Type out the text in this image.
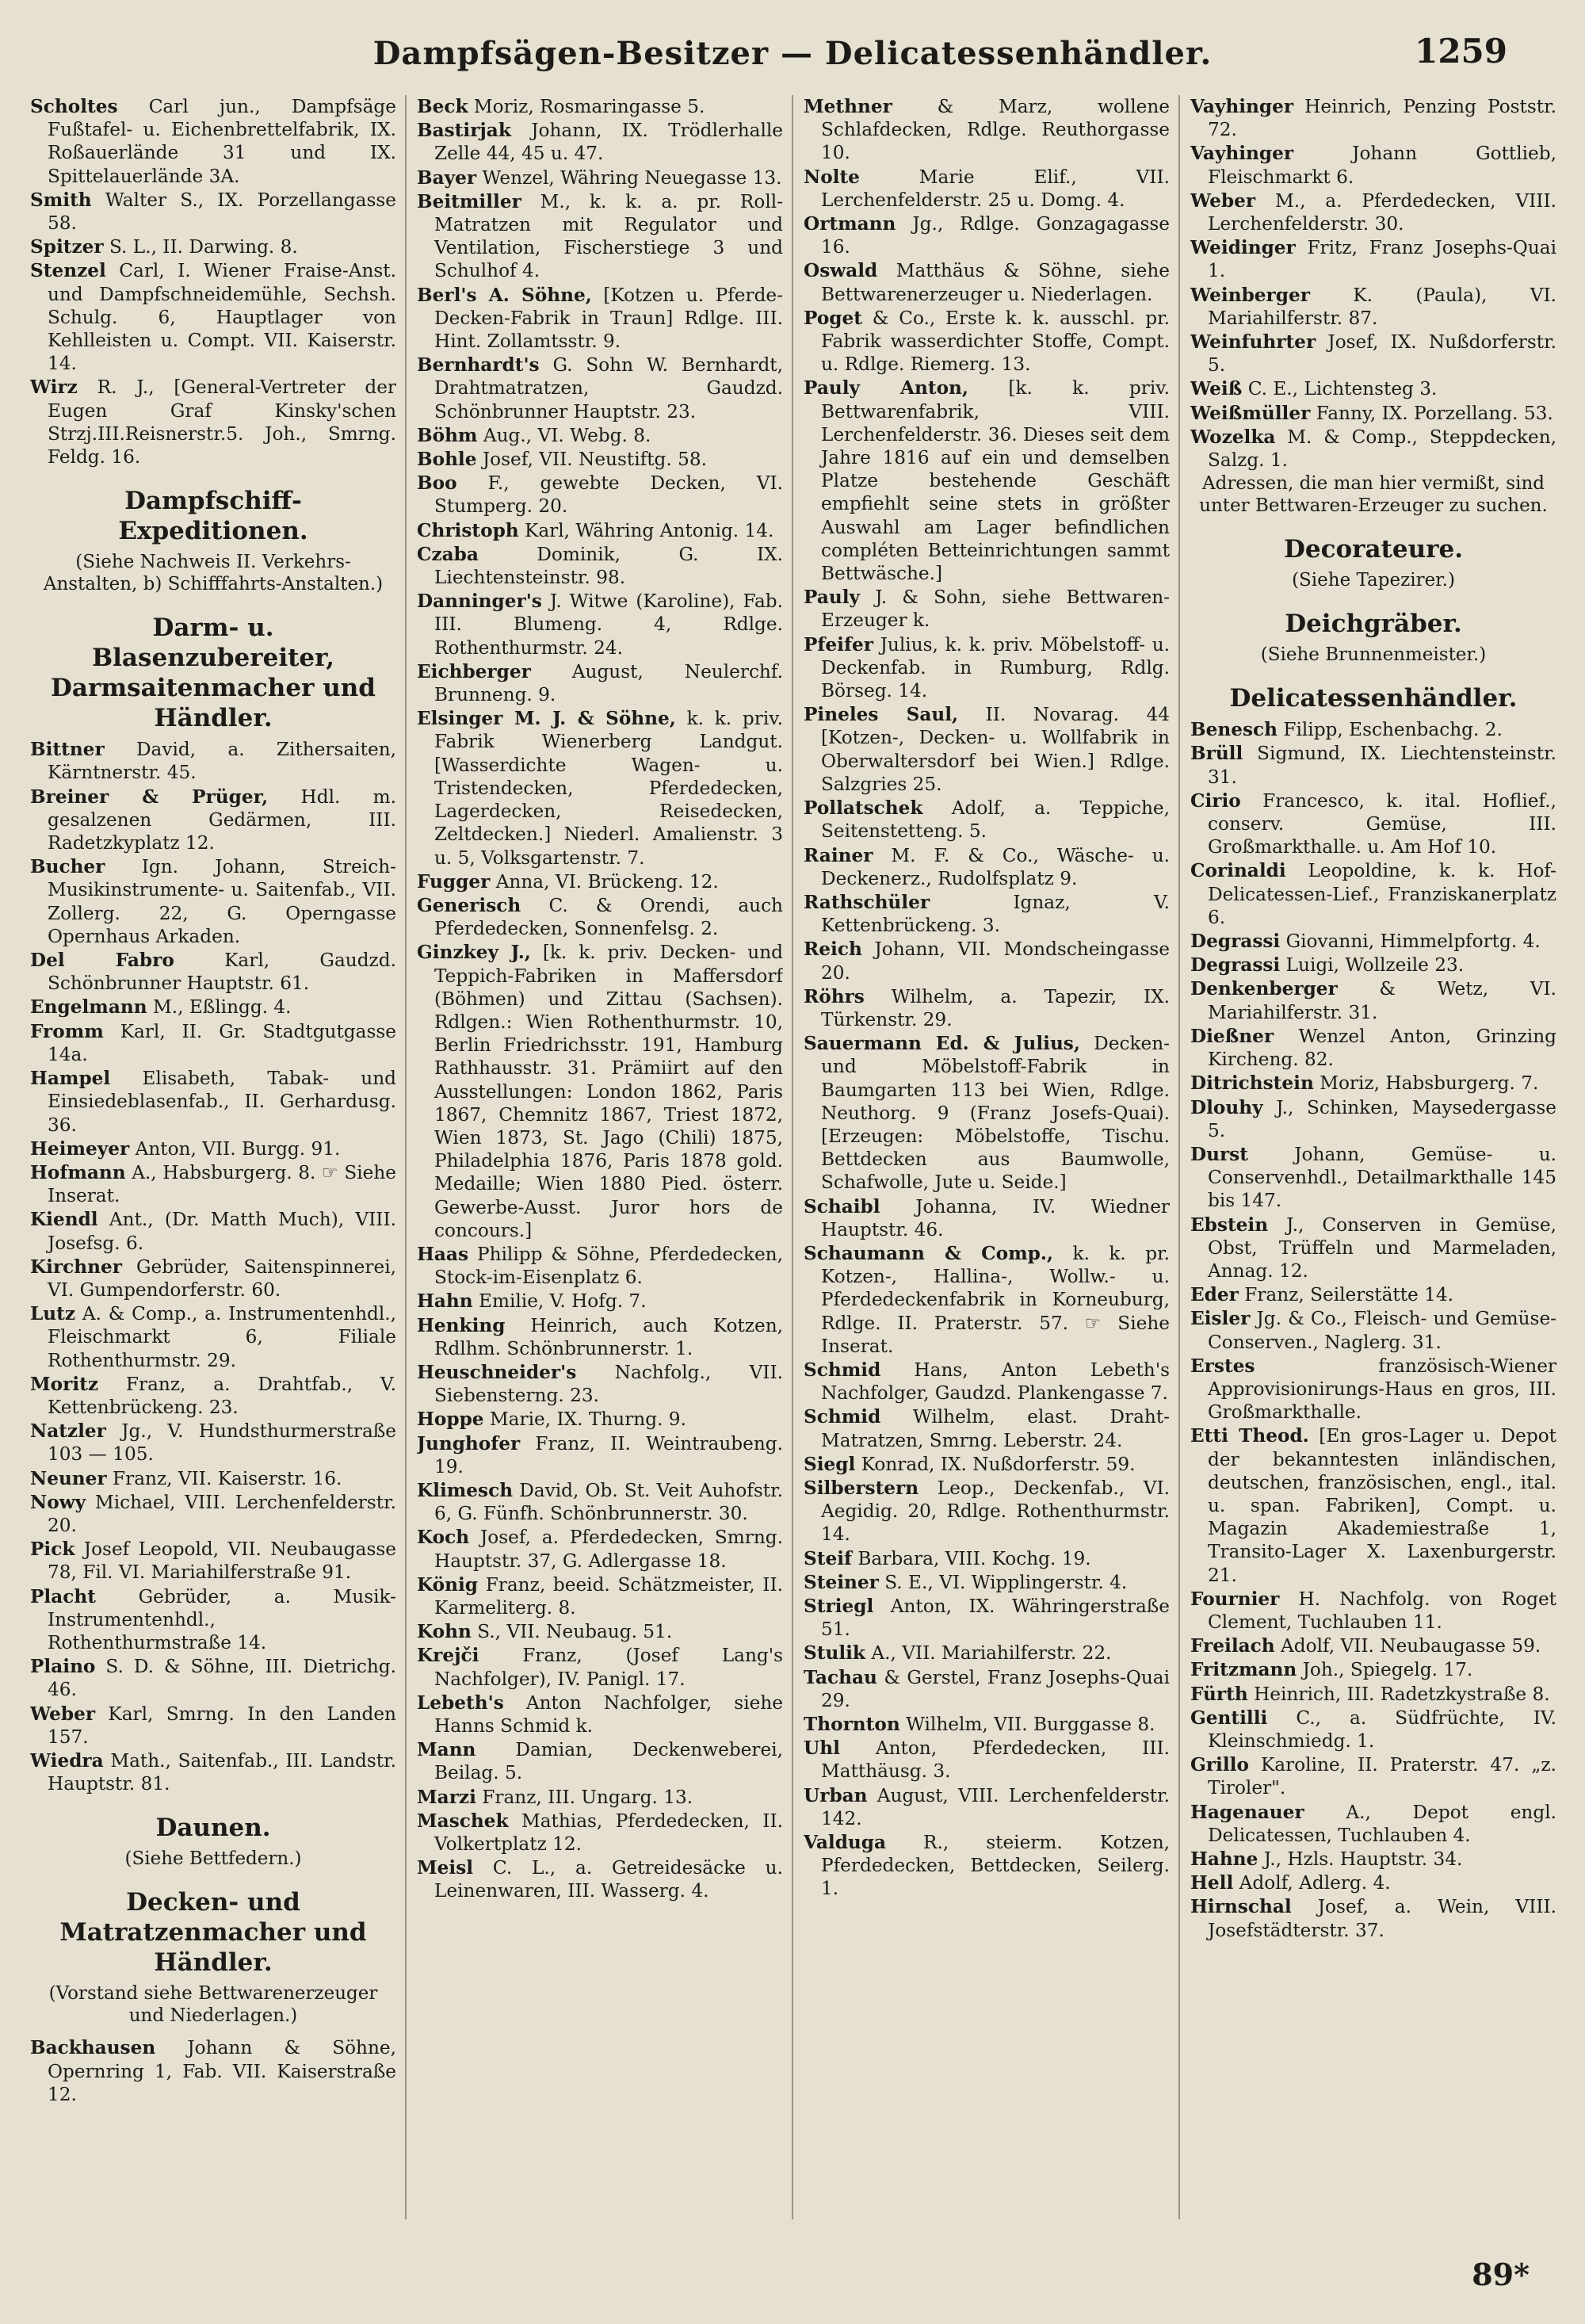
Dampfsägen-Besitzer — Delicatessenhändler.	1259
Scholtes Carl jun., Dampfsäge Fußtafel- u. Eichenbrettelfabrik, IX. Roßauerlände 31 und IX. Spittelauerlände 3A.
Smith Walter S., IX. Porzellangasse 58.
Spitzer S. L., II. Darwing. 8.
Stenzel Carl, I. Wiener Fraise-Anst. und Dampfschneidemühle, Sechsh. Schulg. 6, Hauptlager von Kehlleisten u. Compt. VII. Kaiserstr. 14.
Wirz R. J., [General-Vertreter der Eugen Graf Kinsky'schen Strzj.III.Reisnerstr.5. Joh., Smrng. Feldg. 16.
Dampfschiff-Expeditionen.
(Siehe Nachweis II. Verkehrs-Anstalten, b) Schifffahrts-Anstalten.)
Darm- u. Blasenzubereiter, Darmsaitenmacher und Händler.
Bittner David, a. Zithersaiten, Kärntnerstr. 45.
Breiner & Prüger, Hdl. m. gesalzenen Gedärmen, III. Radetzkyplatz 12.
Bucher Ign. Johann, Streich-Musikinstrumente- u. Saitenfab., VII. Zollerg. 22, G. Operngasse Opernhaus Arkaden.
Del Fabro	Karl, Gaudzd. Schönbrunner Hauptstr. 61.
Engelmann M., Eßlingg. 4.
Fromm Karl, II. Gr. Stadtgutgasse 14a.
Hampel Elisabeth, Tabak- und Einsiedeblasenfab., II. Gerhardusg. 36.
Heimeyer Anton, VII. Burgg. 91.
Hofmann A., Habsburgerg. 8. ☞ Siehe Inserat.
Kiendl Ant., (Dr. Matth Much), VIII. Josefsg. 6.
Kirchner Gebrüder, Saitenspinnerei, VI. Gumpendorferstr. 60.
Lutz A. & Comp., a. Instrumentenhdl., Fleischmarkt 6, Filiale Rothenthurmstr. 29.
Moritz Franz, a. Drahtfab., V. Kettenbrückeng. 23.
Natzler Jg., V. Hundsthurmerstraße 103 — 105.
Neuner Franz, VII. Kaiserstr. 16.
Nowy Michael, VIII. Lerchenfelderstr. 20.
Pick Josef Leopold, VII. Neubaugasse 78, Fil. VI. Mariahilferstraße 91.
Placht Gebrüder, a. Musik-Instrumentenhdl., Rothenthurmstraße 14.
Plaino S. D. & Söhne, III. Dietrichg. 46.
Weber Karl, Smrng. In den Landen 157.
Wiedra Math., Saitenfab., III. Landstr. Hauptstr. 81.
Daunen.
(Siehe Bettfedern.)
Decken- und Matratzenmacher und Händler.
(Vorstand siehe Bettwarenerzeuger und Niederlagen.)
Backhausen Johann & Söhne, Opernring 1, Fab. VII. Kaiserstraße 12.
Beck Moriz, Rosmaringasse 5.
Bastirjak Johann, IX. Trödlerhalle Zelle 44, 45 u. 47.
Bayer Wenzel, Währing Neuegasse 13.
Beitmiller M., k. k. a. pr. Roll-Matratzen mit Regulator und Ventilation, Fischerstiege 3 und Schulhof 4.
Berl's A. Söhne, [Kotzen u. Pferde-Decken-Fabrik in Traun] Rdlge. III. Hint. Zollamtsstr. 9.
Bernhardt's G. Sohn W. Bernhardt, Drahtmatratzen, Gaudzd. Schönbrunner Hauptstr. 23.
Böhm Aug., VI. Webg. 8.
Bohle Josef, VII. Neustiftg. 58.
Boo F., gewebte Decken, VI. Stumperg. 20.
Christoph Karl, Währing Antonig. 14.
Czaba	Dominik, G. IX. Liechtensteinstr. 98.
Danninger's J. Witwe (Karoline), Fab. III. Blumeng. 4, Rdlge. Rothenthurmstr. 24.
Eichberger August, Neulerchf. Brunneng. 9.
Elsinger M. J. & Söhne, k. k. priv. Fabrik Wienerberg Landgut. [Wasserdichte Wagen- u. Tristendecken, Pferdedecken, Lagerdecken, Reisedecken, Zeltdecken.] Niederl. Amalienstr. 3 u. 5, Volksgartenstr. 7.
Fugger Anna, VI. Brückeng. 12.
Generisch C. & Orendi, auch Pferdedecken, Sonnenfelsg. 2.
Ginzkey J., [k. k. priv. Decken- und Teppich-Fabriken in Maffersdorf (Böhmen) und Zittau (Sachsen). Rdlgen.: Wien Rothenthurmstr. 10, Berlin Friedrichsstr. 191, Hamburg Rathhausstr. 31. Prämiirt auf den Ausstellungen: London 1862, Paris 1867, Chemnitz 1867, Triest 1872, Wien 1873, St. Jago (Chili) 1875, Philadelphia 1876, Paris 1878 gold. Medaille; Wien 1880 Pied. österr. Gewerbe-Ausst. Juror hors de concours.]
Haas Philipp & Söhne, Pferdedecken, Stock-im-Eisenplatz 6.
Hahn Emilie, V. Hofg. 7.
Henking Heinrich, auch Kotzen, Rdlhm. Schönbrunnerstr. 1.
Heuschneider's Nachfolg., VII. Siebensterng. 23.
Hoppe Marie, IX. Thurng. 9.
Junghofer Franz, II. Weintraubeng. 19.
Klimesch David, Ob. St. Veit Auhofstr. 6, G. Fünfh. Schönbrunnerstr. 30.
Koch Josef, a. Pferdedecken, Smrng. Hauptstr. 37, G. Adlergasse 18.
König Franz, beeid. Schätzmeister, II. Karmeliterg. 8.
Kohn S., VII. Neubaug. 51.
Krejči Franz, (Josef Lang's Nachfolger), IV. Panigl. 17.
Lebeth's Anton Nachfolger, siehe Hanns Schmid k.
Mann Damian, Deckenweberei, Beilag. 5.
Marzi Franz, III. Ungarg. 13.
Maschek Mathias, Pferdedecken, II. Volkertplatz 12.
Meisl C. L., a. Getreidesäcke u. Leinenwaren, III. Wasserg. 4.
Methner & Marz, wollene Schlafdecken, Rdlge. Reuthorgasse 10.
Nolte	Marie Elif., VII. Lerchenfelderstr. 25 u. Domg. 4.
Ortmann Jg., Rdlge. Gonzagagasse 16.
Oswald Matthäus & Söhne, siehe Bettwarenerzeuger u. Niederlagen.
Poget & Co., Erste k. k. ausschl. pr. Fabrik wasserdichter Stoffe, Compt. u. Rdlge. Riemerg. 13.
Pauly Anton, [k. k. priv. Bettwarenfabrik, VIII. Lerchenfelderstr. 36. Dieses seit dem Jahre 1816 auf ein und demselben Platze bestehende Geschäft empfiehlt seine stets in größter Auswahl am Lager befindlichen compléten Betteinrichtungen sammt Bettwäsche.]
Pauly J. & Sohn, siehe Bettwaren-Erzeuger k.
Pfeifer Julius, k. k. priv. Möbelstoff- u. Deckenfab. in Rumburg, Rdlg. Börseg. 14.
Pineles Saul, II. Novarag. 44 [Kotzen-, Decken- u. Wollfabrik in Oberwaltersdorf bei Wien.] Rdlge. Salzgries 25.
Pollatschek Adolf, a. Teppiche, Seitenstetteng. 5.
Rainer M. F. & Co., Wäsche- u. Deckenerz., Rudolfsplatz 9.
Rathschüler	Ignaz, V. Kettenbrückeng. 3.
Reich Johann, VII. Mondscheingasse 20.
Röhrs Wilhelm, a. Tapezir, IX. Türkenstr. 29.
Sauermann Ed. & Julius, Decken- und Möbelstoff-Fabrik in Baumgarten 113 bei Wien, Rdlge. Neuthorg. 9 (Franz Josefs-Quai). [Erzeugen: Möbelstoffe, Tischu. Bettdecken aus Baumwolle, Schafwolle, Jute u. Seide.]
Schaibl Johanna, IV. Wiedner Hauptstr. 46.
Schaumann & Comp., k. k. pr. Kotzen-, Hallina-, Wollw.- u. Pferdedeckenfabrik in Korneuburg, Rdlge. II. Praterstr. 57. ☞ Siehe Inserat.
Schmid Hans, Anton Lebeth's Nachfolger, Gaudzd. Plankengasse 7.
Schmid Wilhelm, elast. Draht-Matratzen, Smrng. Leberstr. 24.
Siegl Konrad, IX. Nußdorferstr. 59.
Silberstern Leop., Deckenfab., VI. Aegidig. 20, Rdlge. Rothenthurmstr. 14.
Steif Barbara, VIII. Kochg. 19.
Steiner S. E., VI. Wipplingerstr. 4.
Striegl Anton, IX. Währingerstraße 51.
Stulik A., VII. Mariahilferstr. 22.
Tachau & Gerstel, Franz Josephs-Quai 29.
Thornton Wilhelm, VII. Burggasse 8.
Uhl Anton, Pferdedecken, III. Matthäusg. 3.
Urban August, VIII. Lerchenfelderstr. 142.
Valduga R., steierm. Kotzen, Pferdedecken, Bettdecken, Seilerg. 1.
Vayhinger Heinrich, Penzing Poststr. 72.
Vayhinger	Johann Gottlieb, Fleischmarkt 6.
Weber M., a. Pferdedecken, VIII. Lerchenfelderstr. 30.
Weidinger Fritz, Franz Josephs-Quai 1.
Weinberger K. (Paula), VI. Mariahilferstr. 87.
Weinfuhrter Josef, IX. Nußdorferstr. 5.
Weiß C. E., Lichtensteg 3.
Weißmüller Fanny, IX. Porzellang. 53.
Wozelka M. & Comp., Steppdecken, Salzg. 1.
Adressen, die man hier vermißt, sind unter Bettwaren-Erzeuger zu suchen.
Decorateure.
(Siehe Tapezirer.)
Deichgräber.
(Siehe Brunnenmeister.)
Delicatessenhändler.
Benesch Filipp, Eschenbachg. 2.
Brüll Sigmund, IX. Liechtensteinstr. 31.
Cirio Francesco, k. ital. Hoflief., conserv. Gemüse, III. Großmarkthalle. u. Am Hof 10.
Corinaldi Leopoldine, k. k. Hof-Delicatessen-Lief., Franziskanerplatz 6.
Degrassi Giovanni, Himmelpfortg. 4.
Degrassi Luigi, Wollzeile 23.
Denkenberger & Wetz, VI. Mariahilferstr. 31.
Dießner Wenzel Anton, Grinzing Kircheng. 82.
Ditrichstein Moriz, Habsburgerg. 7.
Dlouhy J., Schinken, Maysedergasse 5.
Durst	Johann, Gemüse- u. Conservenhdl., Detailmarkthalle 145 bis 147.
Ebstein J., Conserven in Gemüse, Obst, Trüffeln und Marmeladen, Annag. 12.
Eder Franz, Seilerstätte 14.
Eisler Jg. & Co., Fleisch- und Gemüse-Conserven., Naglerg. 31.
Erstes	französisch-Wiener Approvisionirungs-Haus en gros, III. Großmarkthalle.
Etti Theod. [En gros-Lager u. Depot der bekanntesten inländischen, deutschen, französischen, engl., ital. u. span. Fabriken], Compt. u. Magazin Akademiestraße 1, Transito-Lager X. Laxenburgerstr. 21.
Fournier H. Nachfolg. von Roget Clement, Tuchlauben 11.
Freilach Adolf, VII. Neubaugasse 59.
Fritzmann Joh., Spiegelg. 17.
Fürth Heinrich, III. Radetzkystraße 8.
Gentilli C., a. Südfrüchte, IV. Kleinschmiedg. 1.
Grillo Karoline, II. Praterstr. 47. „z. Tiroler".
Hagenauer A., Depot engl. Delicatessen, Tuchlauben 4.
Hahne J., Hzls. Hauptstr. 34.
Hell Adolf, Adlerg. 4.
Hirnschal Josef, a. Wein, VIII. Josefstädterstr. 37.
89*
